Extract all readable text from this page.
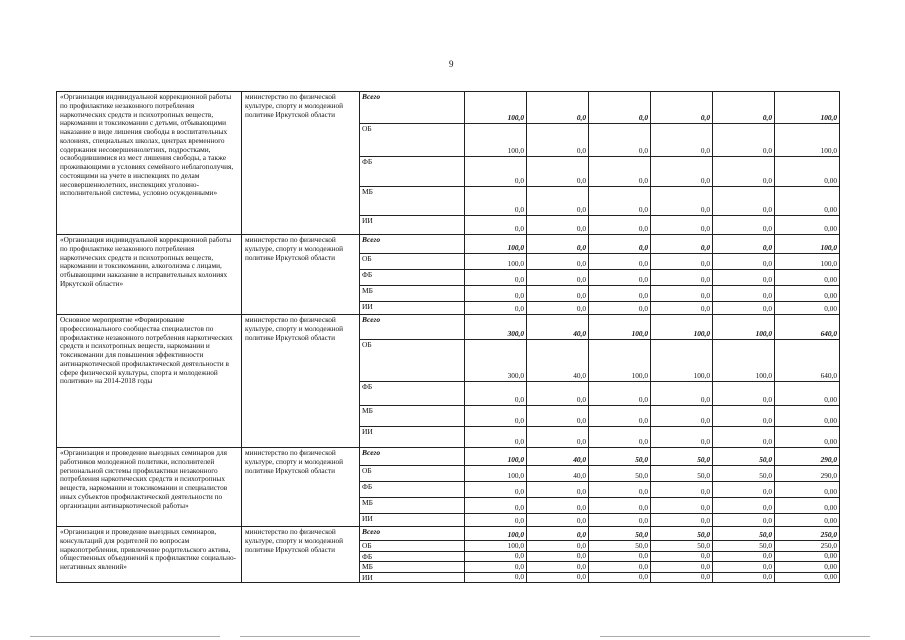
9
«Организация индивидуальной коррекционной работы по профилактике незаконного потребления наркотических средств и психотропных веществ, наркомании и токсикомании с детьми, отбывающими наказание в виде лишения свободы в воспитательных колониях, специальных школах, центрах временного содержания несовершеннолетних, подростками, освободившимися из мест лишения свободы, а также проживающими в условиях семейного неблагополучия, состоящими на учете в инспекциях по делам несовершеннолетних, инспекциях уголовно-исполнительной системы, условно осужденными»	министерство по физической культуре, спорту и молодежной политике Иркутской области	Всего	100,0	0,0	0,0	0,0	0,0	100,0
		ОБ	100,0	0,0	0,0	0,0	0,0	100,0
		ФБ	0,0	0,0	0,0	0,0	0,0	0,00
		МБ	0,0	0,0	0,0	0,0	0,0	0,00
		ИИ	0,0	0,0	0,0	0,0	0,0	0,00
«Организация индивидуальной коррекционной работы по профилактике незаконного потребления наркотических средств и психотропных веществ, наркомании и токсикомании, алкоголизма с лицами, отбывающими наказание в исправительных колониях Иркутской области»	министерство по физической культуре, спорту и молодежной политике Иркутской области	Всего	100,0	0,0	0,0	0,0	0,0	100,0
		ОБ	100,0	0,0	0,0	0,0	0,0	100,0
		ФБ	0,0	0,0	0,0	0,0	0,0	0,00
		МБ	0,0	0,0	0,0	0,0	0,0	0,00
		ИИ	0,0	0,0	0,0	0,0	0,0	0,00
Основное мероприятие «Формирование профессионального сообщества специалистов по профилактике незаконного потребления наркотических средств и психотропных веществ, наркомании и токсикомании для повышения эффективности антинаркотической профилактической деятельности в сфере физической культуры, спорта и молодежной политики» на 2014-2018 годы	министерство по физической культуре, спорту и молодежной политике Иркутской области	Всего	300,0	40,0	100,0	100,0	100,0	640,0
		ОБ	300,0	40,0	100,0	100,0	100,0	640,0
		ФБ	0,0	0,0	0,0	0,0	0,0	0,00
		МБ	0,0	0,0	0,0	0,0	0,0	0,00
		ИИ	0,0	0,0	0,0	0,0	0,0	0,00
«Организация и проведение выездных семинаров для работников молодежной политики, исполнителей региональной системы профилактики незаконного потребления наркотических средств и психотропных веществ, наркомании и токсикомании и специалистов иных субъектов профилактической деятельности по организации антинаркотической работы»	министерство по физической культуре, спорту и молодежной политике Иркутской области	Всего	100,0	40,0	50,0	50,0	50,0	290,0
		ОБ	100,0	40,0	50,0	50,0	50,0	290,0
		ФБ	0,0	0,0	0,0	0,0	0,0	0,00
		МБ	0,0	0,0	0,0	0,0	0,0	0,00
		ИИ	0,0	0,0	0,0	0,0	0,0	0,00
«Организация и проведение выездных семинаров, консультаций для родителей по вопросам наркопотребления, привлечение родительского актива, общественных объединений к профилактике социально-негативных явлений»	министерство по физической культуре, спорту и молодежной политике Иркутской области	Всего	100,0	0,0	50,0	50,0	50,0	250,0
		ОБ	100,0	0,0	50,0	50,0	50,0	250,0
		ФБ	0,0	0,0	0,0	0,0	0,0	0,00
		МБ	0,0	0,0	0,0	0,0	0,0	0,00
		ИИ	0,0	0,0	0,0	0,0	0,0	0,00
